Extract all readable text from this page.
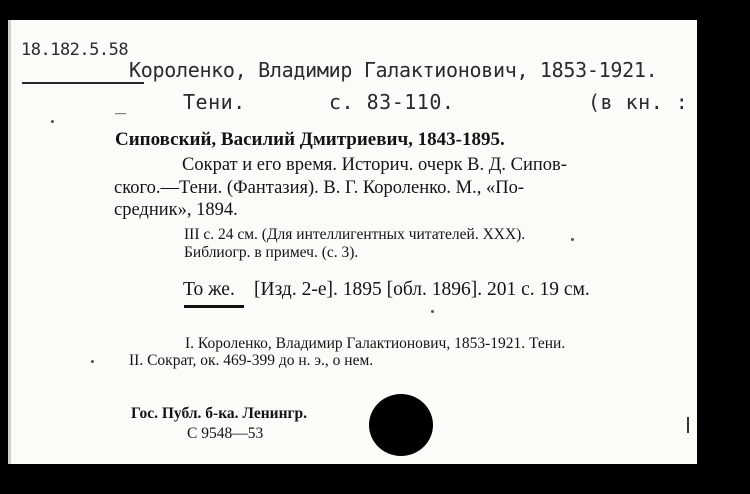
18.182.5.58
Короленко, Владимир Галактионович, 1853-1921.
_	Тени.	с. 83-110.	(в кн. :
Сиповский, Василий Дмитриевич, 1843-1895.
Сократ и его время. Историч. очерк В. Д. Сипов-
ского.—Тени. (Фантазия). В. Г. Короленко. М., «По-
средник», 1894.
III с. 24 см. (Для интеллигентных читателей. XXX).
Библиогр. в примеч. (с. 3).
То же. [Изд. 2-е]. 1895 [обл. 1896]. 201 с. 19 см.
I. Короленко, Владимир Галактионович, 1853-1921. Тени.
II. Сократ, ок. 469-399 до н. э., о нем.
Гос. Публ. б-ка. Ленингр.
С 9548—53
